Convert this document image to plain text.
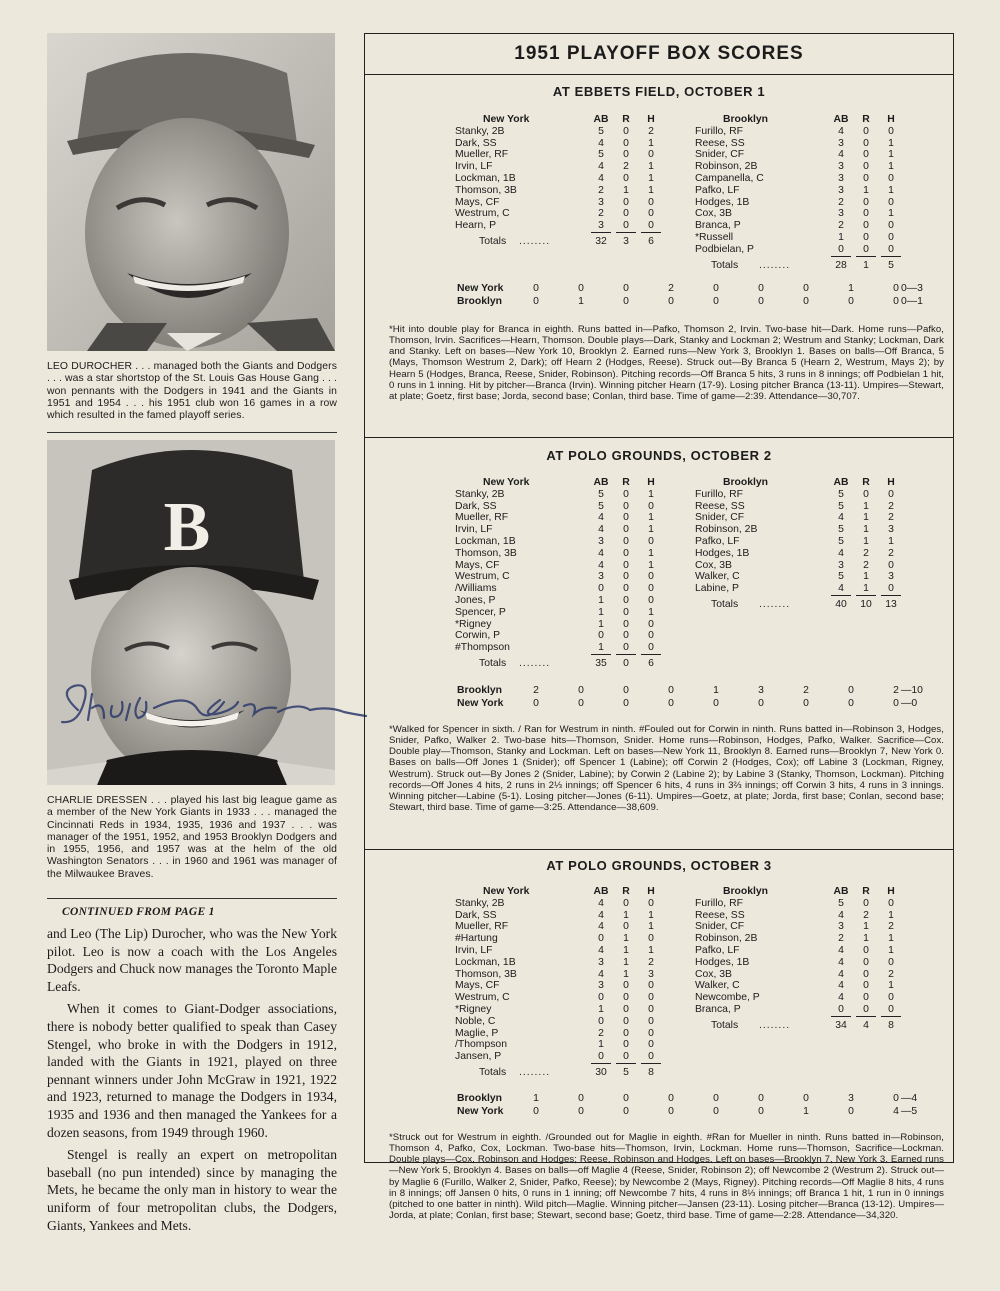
LEO DUROCHER . . . managed both the Giants and Dodgers . . . was a star shortstop of the St. Louis Gas House Gang . . . won pennants with the Dodgers in 1941 and the Giants in 1951 and 1954 . . . his 1951 club won 16 games in a row which resulted in the famed playoff series.
B
CHARLIE DRESSEN . . . played his last big league game as a member of the New York Giants in 1933 . . . managed the Cincinnati Reds in 1934, 1935, 1936 and 1937 . . . was manager of the 1951, 1952, and 1953 Brooklyn Dodgers and in 1955, 1956, and 1957 was at the helm of the old Washington Senators . . . in 1960 and 1961 was manager of the Milwaukee Braves.
CONTINUED FROM PAGE 1

and Leo (The Lip) Durocher, who was the New York pilot. Leo is now a coach with the Los Angeles Dodgers and Chuck now manages the Toronto Maple Leafs.

When it comes to Giant-Dodger associations, there is nobody better qualified to speak than Casey Stengel, who broke in with the Dodgers in 1912, landed with the Giants in 1921, played on three pennant winners under John McGraw in 1921, 1922 and 1923, returned to manage the Dodgers in 1934, 1935 and 1936 and then managed the Yankees for a dozen seasons, from 1949 through 1960.

Stengel is really an expert on metropolitan baseball (no pun intended) since by managing the Mets, he became the only man in history to wear the uniform of four metropolitan clubs, the Dodgers, Giants, Yankees and Mets.

1951 PLAYOFF BOX SCORES
AT EBBETS FIELD, OCTOBER 1
New York	AB	R	H
Stanky, 2B	5	0	2
Dark, SS	4	0	1
Mueller, RF	5	0	0
Irvin, LF	4	2	1
Lockman, 1B	4	0	1
Thomson, 3B	2	1	1
Mays, CF	3	0	0
Westrum, C	2	0	0
Hearn, P	3	0	0
Totals ........	32	3	6
Brooklyn	AB	R	H
Furillo, RF	4	0	0
Reese, SS	3	0	1
Snider, CF	4	0	1
Robinson, 2B	3	0	1
Campanella, C	3	0	0
Pafko, LF	3	1	1
Hodges, 1B	2	0	0
Cox, 3B	3	0	1
Branca, P	2	0	0
*Russell	1	0	0
Podbielan, P	0	0	0
Totals ........	28	1	5
New York	0	0	0	2	0	0	0	1	0 0—3
Brooklyn	0	1	0	0	0	0	0	0	0 0—1
*Hit into double play for Branca in eighth. Runs batted in—Pafko, Thomson 2, Irvin. Two-base hit—Dark. Home runs—Pafko, Thomson, Irvin. Sacrifices—Hearn, Thomson. Double plays—Dark, Stanky and Lockman 2; Westrum and Stanky; Lockman, Dark and Stanky. Left on bases—New York 10, Brooklyn 2. Earned runs—New York 3, Brooklyn 1. Bases on balls—Off Branca, 5 (Mays, Thomson Westrum 2, Dark); off Hearn 2 (Hodges, Reese). Struck out—By Branca 5 (Hearn 2, Westrum, Mays 2); by Hearn 5 (Hodges, Branca, Reese, Snider, Robinson). Pitching records—Off Branca 5 hits, 3 runs in 8 innings; off Podbielan 1 hit, 0 runs in 1 inning. Hit by pitcher—Branca (Irvin). Winning pitcher Hearn (17-9). Losing pitcher Branca (13-11). Umpires—Stewart, at plate; Goetz, first base; Jorda, second base; Conlan, third base. Time of game—2:39. Attendance—30,707.
AT POLO GROUNDS, OCTOBER 2
New York	AB	R	H
Stanky, 2B	5	0	1
Dark, SS	5	0	0
Mueller, RF	4	0	1
Irvin, LF	4	0	1
Lockman, 1B	3	0	0
Thomson, 3B	4	0	1
Mays, CF	4	0	1
Westrum, C	3	0	0
/Williams	0	0	0
Jones, P	1	0	0
Spencer, P	1	0	1
*Rigney	1	0	0
Corwin, P	0	0	0
#Thompson	1	0	0
Totals ........	35	0	6
Brooklyn	AB	R	H
Furillo, RF	5	0	0
Reese, SS	5	1	2
Snider, CF	4	1	2
Robinson, 2B	5	1	3
Pafko, LF	5	1	1
Hodges, 1B	4	2	2
Cox, 3B	3	2	0
Walker, C	5	1	3
Labine, P	4	1	0
Totals ........	40	10	13
Brooklyn	2	0	0	0	1	3	2	0	2 —10
New York	0	0	0	0	0	0	0	0	0 —0
*Walked for Spencer in sixth. / Ran for Westrum in ninth. #Fouled out for Corwin in ninth. Runs batted in—Robinson 3, Hodges, Snider, Pafko, Walker 2. Two-base hits—Thomson, Snider. Home runs—Robinson, Hodges, Pafko, Walker. Sacrifice—Cox. Double play—Thomson, Stanky and Lockman. Left on bases—New York 11, Brooklyn 8. Earned runs—Brooklyn 7, New York 0. Bases on balls—Off Jones 1 (Snider); off Spencer 1 (Labine); off Corwin 2 (Hodges, Cox); off Labine 3 (Lockman, Rigney, Westrum). Struck out—By Jones 2 (Snider, Labine); by Corwin 2 (Labine 2); by Labine 3 (Stanky, Thomson, Lockman). Pitching records—Off Jones 4 hits, 2 runs in 2⅓ innings; off Spencer 6 hits, 4 runs in 3⅔ innings; off Corwin 3 hits, 4 runs in 3 innings. Winning pitcher—Labine (5-1). Losing pitcher—Jones (6-11). Umpires—Goetz, at plate; Jorda, first base; Conlan, second base; Stewart, third base. Time of game—3:25. Attendance—38,609.
AT POLO GROUNDS, OCTOBER 3
New York	AB	R	H
Stanky, 2B	4	0	0
Dark, SS	4	1	1
Mueller, RF	4	0	1
#Hartung	0	1	0
Irvin, LF	4	1	1
Lockman, 1B	3	1	2
Thomson, 3B	4	1	3
Mays, CF	3	0	0
Westrum, C	0	0	0
*Rigney	1	0	0
Noble, C	0	0	0
Maglie, P	2	0	0
/Thompson	1	0	0
Jansen, P	0	0	0
Totals ........	30	5	8
Brooklyn	AB	R	H
Furillo, RF	5	0	0
Reese, SS	4	2	1
Snider, CF	3	1	2
Robinson, 2B	2	1	1
Pafko, LF	4	0	1
Hodges, 1B	4	0	0
Cox, 3B	4	0	2
Walker, C	4	0	1
Newcombe, P	4	0	0
Branca, P	0	0	0
Totals ........	34	4	8
Brooklyn	1	0	0	0	0	0	0	3	0 —4
New York	0	0	0	0	0	0	1	0	4 —5
*Struck out for Westrum in eighth. /Grounded out for Maglie in eighth. #Ran for Mueller in ninth. Runs batted in—Robinson, Thomson 4, Pafko, Cox, Lockman. Two-base hits—Thomson, Irvin, Lockman. Home runs—Thomson, Sacrifice—Lockman. Double plays—Cox, Robinson and Hodges; Reese, Robinson and Hodges. Left on bases—Brooklyn 7, New York 3. Earned runs—New York 5, Brooklyn 4. Bases on balls—off Maglie 4 (Reese, Snider, Robinson 2); off Newcombe 2 (Westrum 2). Struck out—by Maglie 6 (Furillo, Walker 2, Snider, Pafko, Reese); by Newcombe 2 (Mays, Rigney). Pitching records—Off Maglie 8 hits, 4 runs in 8 innings; off Jansen 0 hits, 0 runs in 1 inning; off Newcombe 7 hits, 4 runs in 8⅓ innings; off Branca 1 hit, 1 run in 0 innings (pitched to one batter in ninth). Wild pitch—Maglie. Winning pitcher—Jansen (23-11). Losing pitcher—Branca (13-12). Umpires—Jorda, at plate; Conlan, first base; Stewart, second base; Goetz, third base. Time of game—2:28. Attendance—34,320.
